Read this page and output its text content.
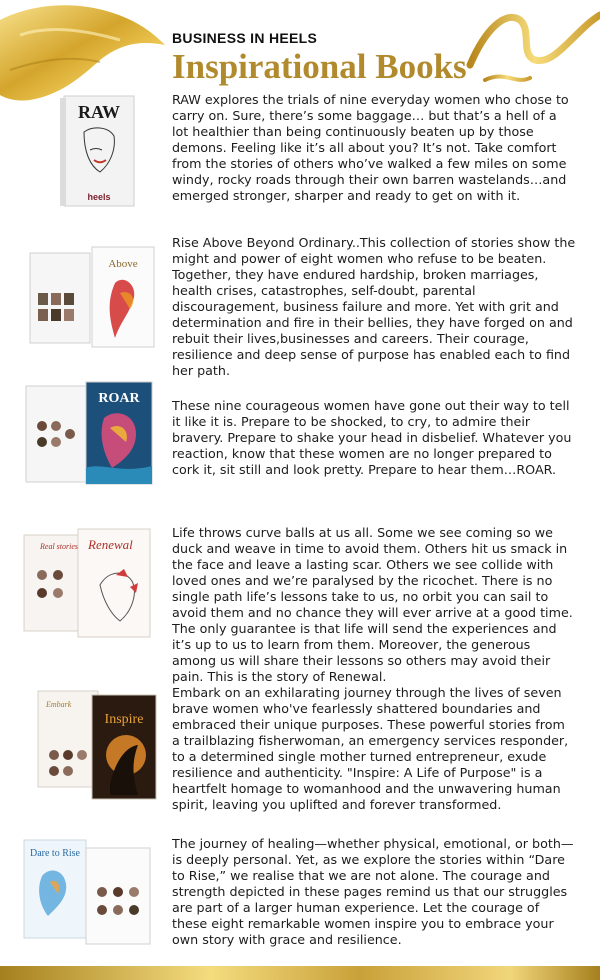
BUSINESS IN HEELS
Inspirational Books
RAW
heels
RAW explores the trials of nine everyday women who chose to carry on. Sure, there’s some baggage… but that’s a hell of a lot healthier than being continuously beaten up by those demons. Feeling like it’s all about you? It’s not. Take comfort from the stories of others who’ve walked a few miles on some windy, rocky roads through their own barren wastelands…and emerged stronger, sharper and ready to get on with it.
Above
Rise Above Beyond Ordinary..This collection of stories show the might and power of eight women who refuse to be beaten. Together, they have endured hardship, broken marriages, health crises, catastrophes, self-doubt, parental discouragement, business failure and more. Yet with grit and determination and fire in their bellies, they have forged on and rebuit their lives,businesses and careers. Their courage, resilience and deep sense of purpose has enabled each to find her path.
ROAR	These nine courageous women have gone out their way to tell it like it is. Prepare to be shocked, to cry, to admire their bravery. Prepare to shake your head in disbelief. Whatever you reaction, know that these women are no longer prepared to cork it, sit still and look pretty. Prepare to hear them…ROAR.
Real stories Renewal
Life throws curve balls at us all. Some we see coming so we duck and weave in time to avoid them. Others hit us smack in the face and leave a lasting scar. Others we see collide with loved ones and we’re paralysed by the ricochet. There is no single path life’s lessons take to us, no orbit you can sail to avoid them and no chance they will ever arrive at a good time. The only guarantee is that life will send the experiences and it’s up to us to learn from them. Moreover, the generous among us will share their lessons so others may avoid their pain. This is the story of Renewal.
Embark
Inspire
Embark on an exhilarating journey through the lives of seven brave women who've fearlessly shattered boundaries and embraced their unique purposes. These powerful stories from a trailblazing fisherwoman, an emergency services responder, to a determined single mother turned entrepreneur, exude resilience and authenticity. "Inspire: A Life of Purpose" is a heartfelt homage to womanhood and the unwavering human spirit, leaving you uplifted and forever transformed.
Dare to Rise
The journey of healing—whether physical, emotional, or both—is deeply personal. Yet, as we explore the stories within “Dare to Rise,” we realise that we are not alone. The courage and strength depicted in these pages remind us that our struggles are part of a larger human experience. Let the courage of these eight remarkable women inspire you to embrace your own story with grace and resilience.
